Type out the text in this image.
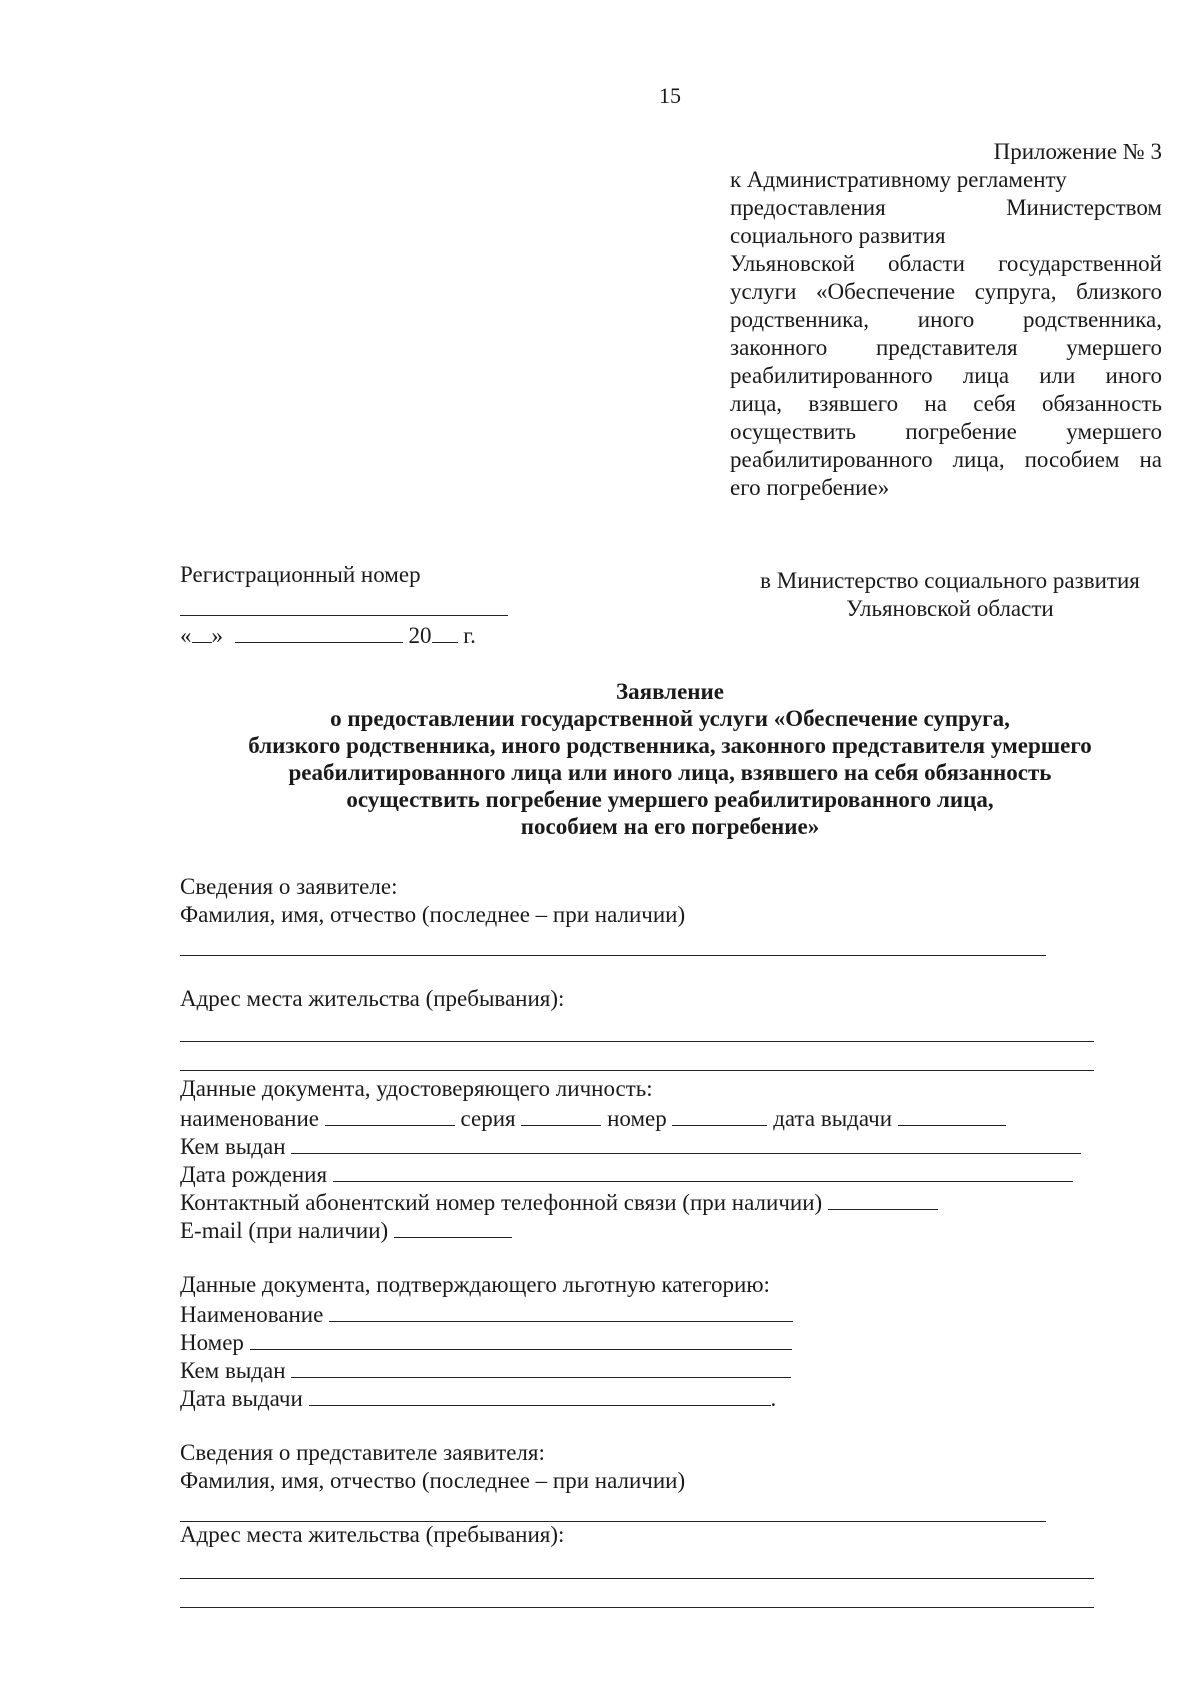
15
Приложение № 3
к Административному регламенту
предоставления	Министерством
социального развития
Ульяновской области государственной
услуги «Обеспечение супруга, близкого
родственника, иного родственника,
законного представителя умершего
реабилитированного лица или иного
лица, взявшего на себя обязанность
осуществить погребение умершего
реабилитированного лица, пособием на
его погребение»
Регистрационный номер
« »	20 г.
в Министерство социального развития
Ульяновской области
Заявление
о предоставлении государственной услуги «Обеспечение супруга,
близкого родственника, иного родственника, законного представителя умершего
реабилитированного лица или иного лица, взявшего на себя обязанность
осуществить погребение умершего реабилитированного лица,
пособием на его погребение»
Сведения о заявителе:
Фамилия, имя, отчество (последнее – при наличии)
Адрес места жительства (пребывания):
Данные документа, удостоверяющего личность:
наименование	серия	номер	дата выдачи
Кем выдан
Дата рождения
Контактный абонентский номер телефонной связи (при наличии)
E-mail (при наличии)
Данные документа, подтверждающего льготную категорию:
Наименование
Номер
Кем выдан
Дата выдачи	.
Сведения о представителе заявителя:
Фамилия, имя, отчество (последнее – при наличии)
Адрес места жительства (пребывания):
